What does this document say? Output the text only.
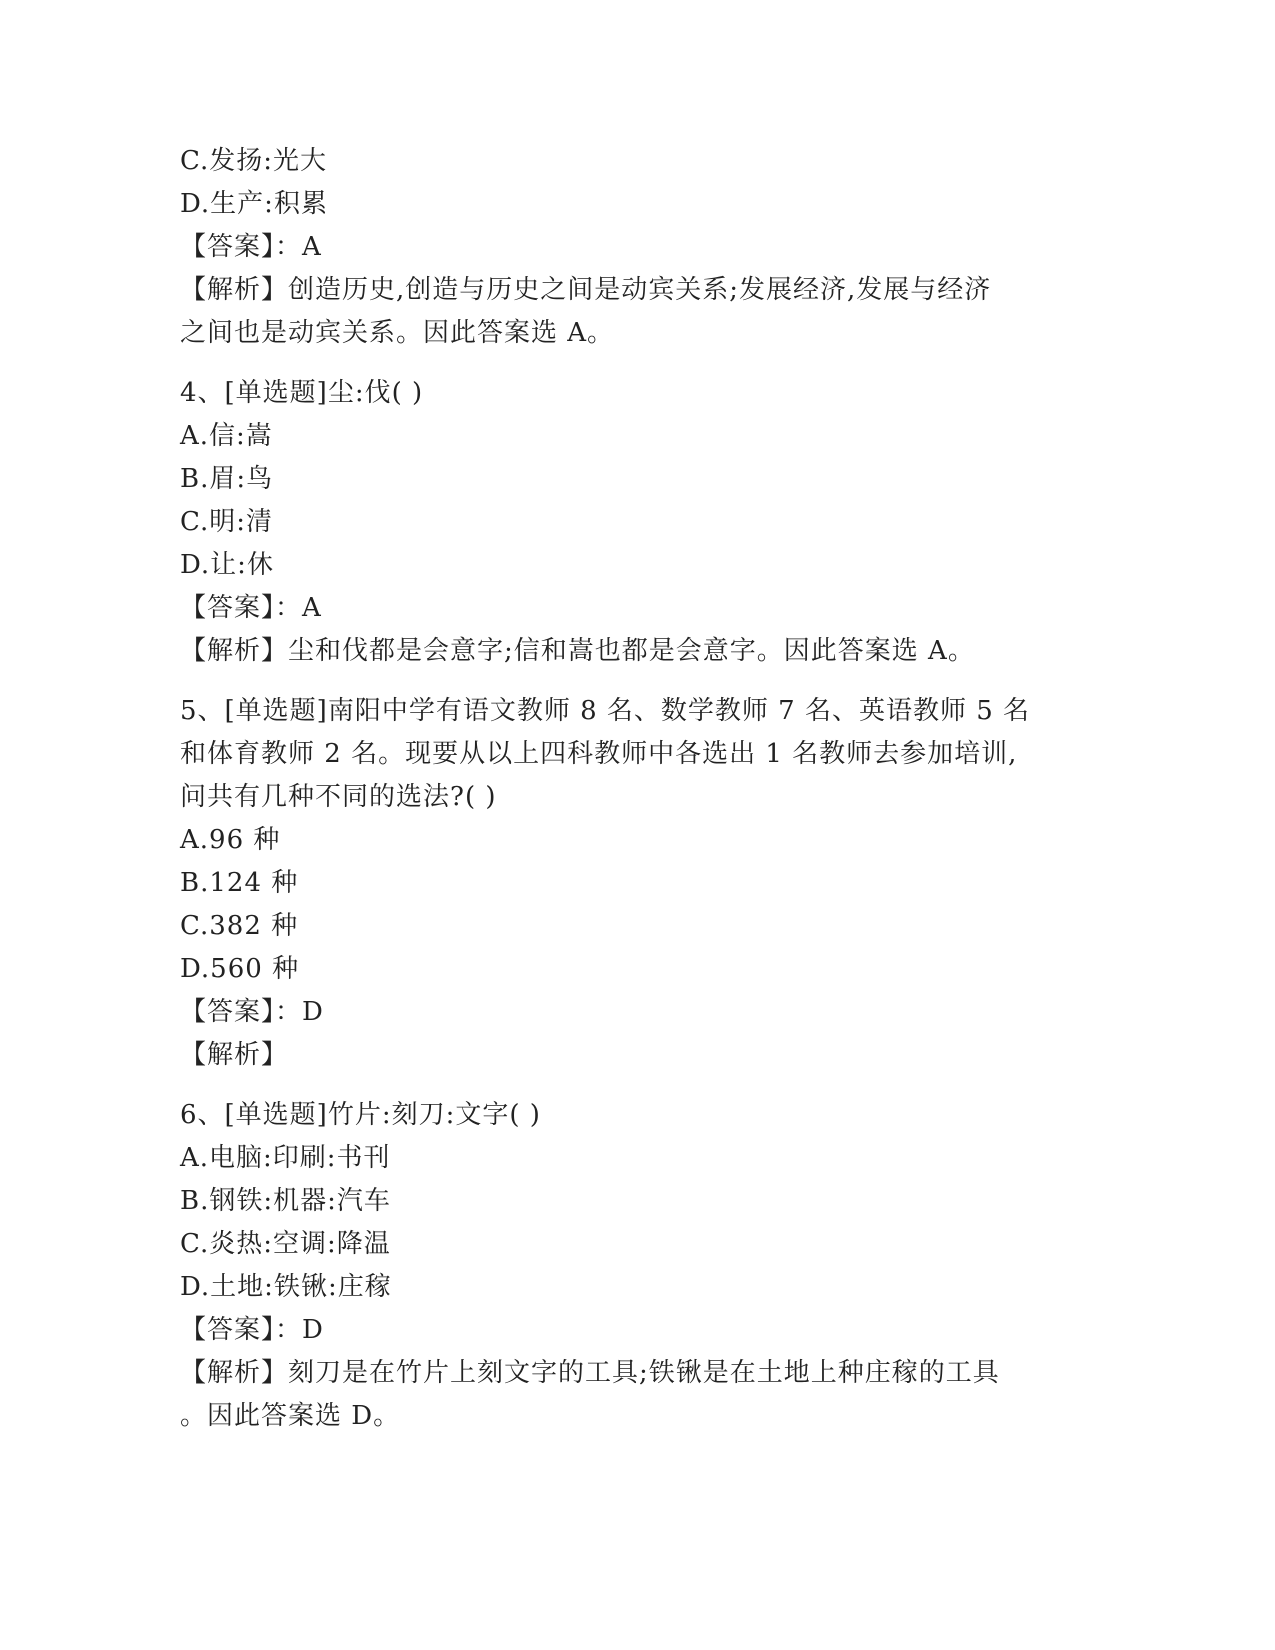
C.发扬:光大
D.生产:积累
【答案】：A
【解析】创造历史,创造与历史之间是动宾关系;发展经济,发展与经济
之间也是动宾关系。因此答案选 A。
4、[单选题]尘:伐( )
A.信:嵩
B.眉:鸟
C.明:清
D.让:休
【答案】：A
【解析】尘和伐都是会意字;信和嵩也都是会意字。因此答案选 A。
5、[单选题]南阳中学有语文教师 8 名、数学教师 7 名、英语教师 5 名
和体育教师 2 名。现要从以上四科教师中各选出 1 名教师去参加培训,
问共有几种不同的选法?( )
A.96 种
B.124 种
C.382 种
D.560 种
【答案】：D
【解析】
6、[单选题]竹片:刻刀:文字( )
A.电脑:印刷:书刊
B.钢铁:机器:汽车
C.炎热:空调:降温
D.土地:铁锹:庄稼
【答案】：D
【解析】刻刀是在竹片上刻文字的工具;铁锹是在土地上种庄稼的工具
。因此答案选 D。
